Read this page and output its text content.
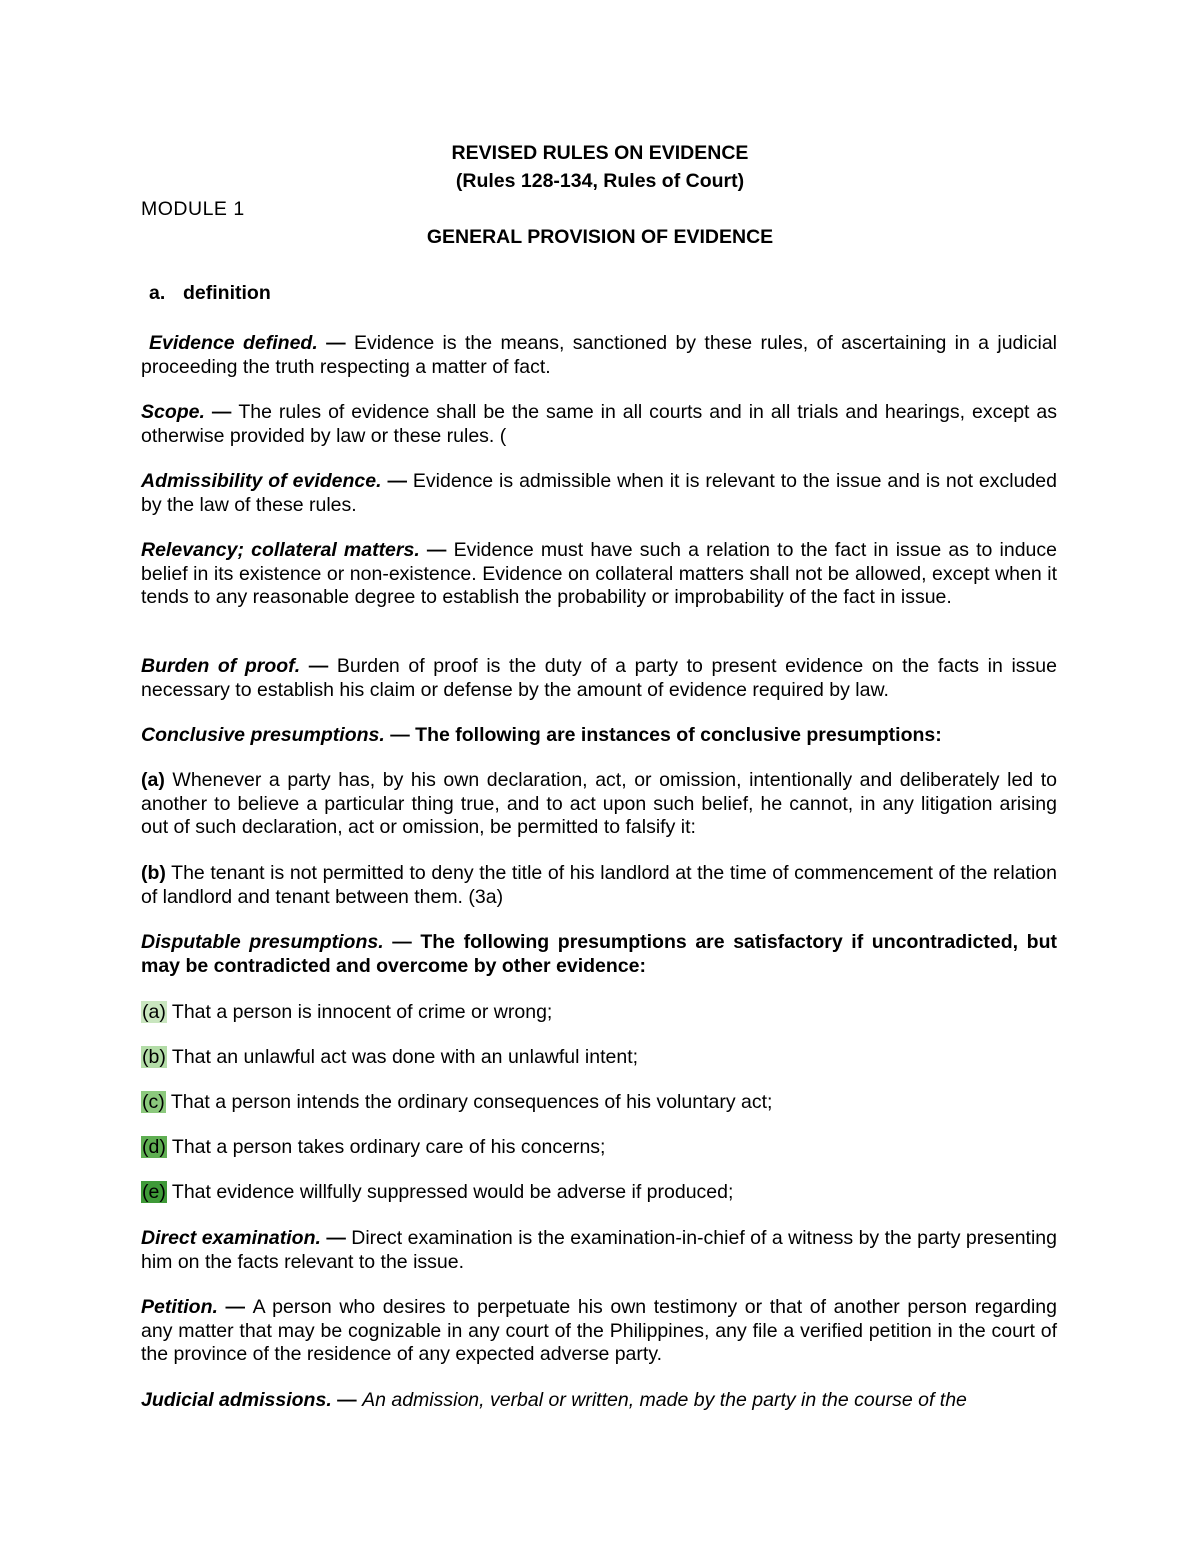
REVISED RULES ON EVIDENCE
(Rules 128-134, Rules of Court)
MODULE 1
GENERAL PROVISION OF EVIDENCE
a. definition
Evidence defined. — Evidence is the means, sanctioned by these rules, of ascertaining in a judicial proceeding the truth respecting a matter of fact.
Scope. — The rules of evidence shall be the same in all courts and in all trials and hearings, except as otherwise provided by law or these rules. (
Admissibility of evidence. — Evidence is admissible when it is relevant to the issue and is not excluded by the law of these rules.
Relevancy; collateral matters. — Evidence must have such a relation to the fact in issue as to induce belief in its existence or non-existence. Evidence on collateral matters shall not be allowed, except when it tends to any reasonable degree to establish the probability or improbability of the fact in issue.
Burden of proof. — Burden of proof is the duty of a party to present evidence on the facts in issue necessary to establish his claim or defense by the amount of evidence required by law.
Conclusive presumptions. — The following are instances of conclusive presumptions:
(a) Whenever a party has, by his own declaration, act, or omission, intentionally and deliberately led to another to believe a particular thing true, and to act upon such belief, he cannot, in any litigation arising out of such declaration, act or omission, be permitted to falsify it:
(b) The tenant is not permitted to deny the title of his landlord at the time of commencement of the relation of landlord and tenant between them. (3a)
Disputable presumptions. — The following presumptions are satisfactory if uncontradicted, but may be contradicted and overcome by other evidence:
(a) That a person is innocent of crime or wrong;
(b) That an unlawful act was done with an unlawful intent;
(c) That a person intends the ordinary consequences of his voluntary act;
(d) That a person takes ordinary care of his concerns;
(e) That evidence willfully suppressed would be adverse if produced;
Direct examination. — Direct examination is the examination-in-chief of a witness by the party presenting him on the facts relevant to the issue.
Petition. — A person who desires to perpetuate his own testimony or that of another person regarding any matter that may be cognizable in any court of the Philippines, any file a verified petition in the court of the province of the residence of any expected adverse party.
Judicial admissions. — An admission, verbal or written, made by the party in the course of the
